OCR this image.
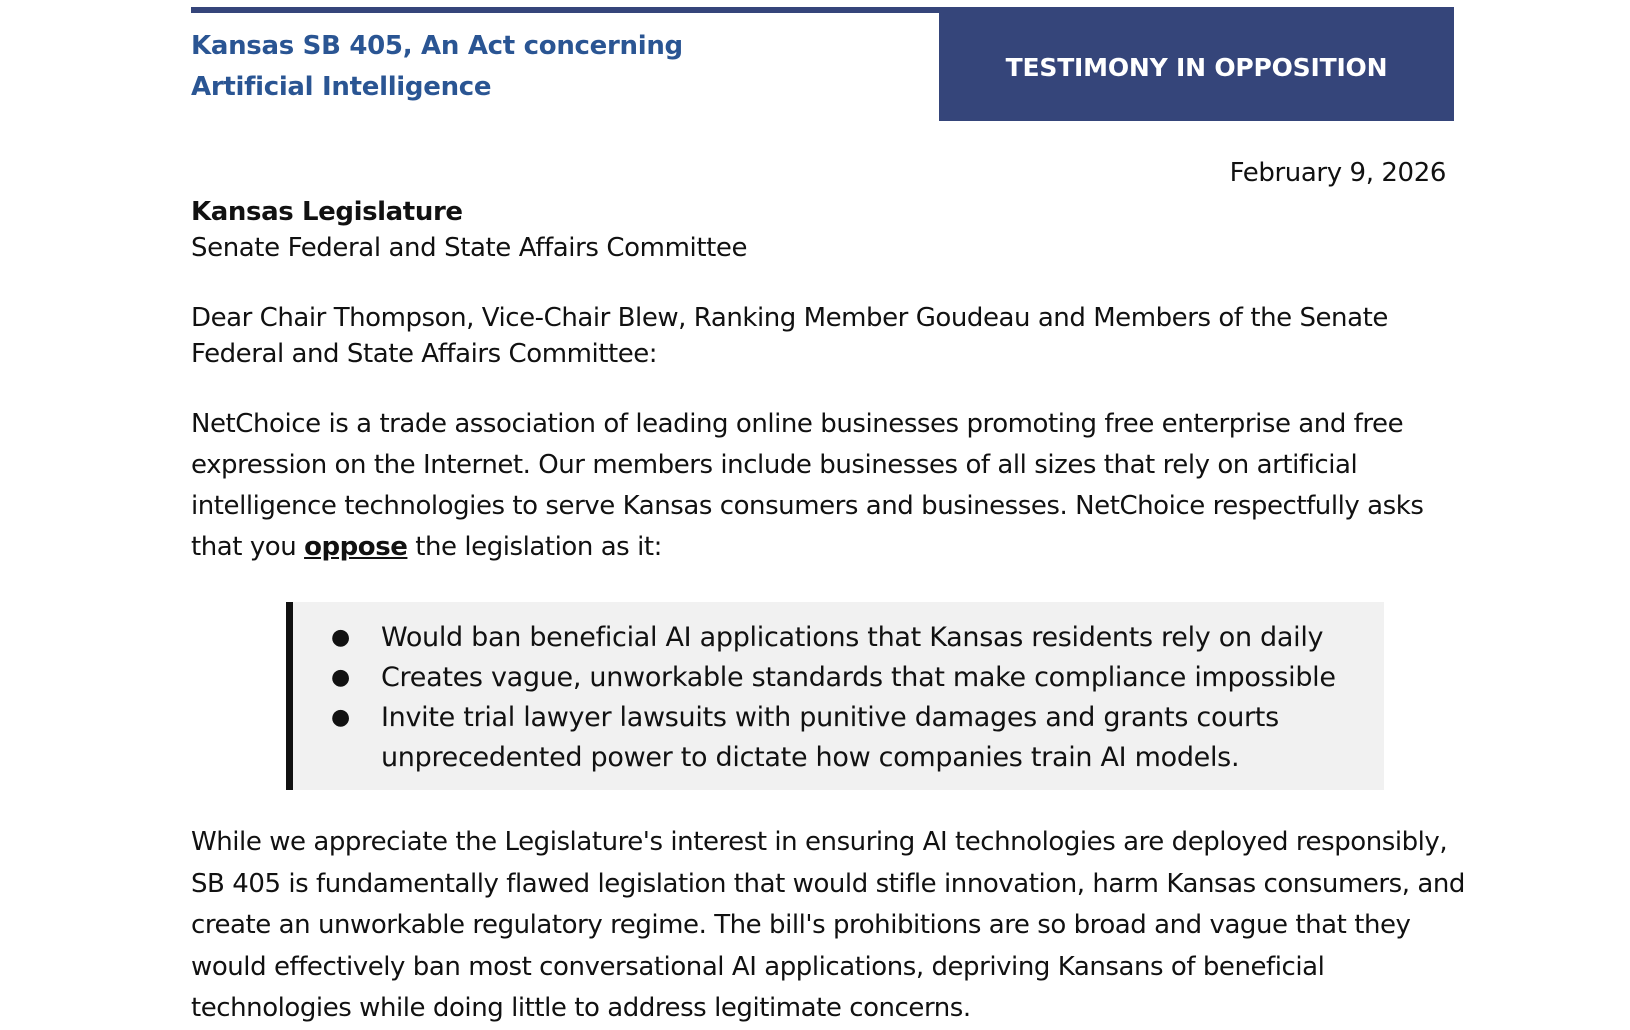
Kansas SB 405, An Act concerning
Artificial Intelligence
TESTIMONY IN OPPOSITION
February 9, 2026
Kansas Legislature
Senate Federal and State Affairs Committee

Dear Chair Thompson, Vice-Chair Blew, Ranking Member Goudeau and Members of the Senate Federal and State Affairs Committee:

NetChoice is a trade association of leading online businesses promoting free enterprise and free expression on the Internet. Our members include businesses of all sizes that rely on artificial intelligence technologies to serve Kansas consumers and businesses. NetChoice respectfully asks that you oppose the legislation as it:

●	Would ban beneficial AI applications that Kansas residents rely on daily
●	Creates vague, unworkable standards that make compliance impossible
●	Invite trial lawyer lawsuits with punitive damages and grants courts unprecedented power to dictate how companies train AI models.

While we appreciate the Legislature's interest in ensuring AI technologies are deployed responsibly, SB 405 is fundamentally flawed legislation that would stifle innovation, harm Kansas consumers, and create an unworkable regulatory regime. The bill's prohibitions are so broad and vague that they would effectively ban most conversational AI applications, depriving Kansans of beneficial technologies while doing little to address legitimate concerns.
